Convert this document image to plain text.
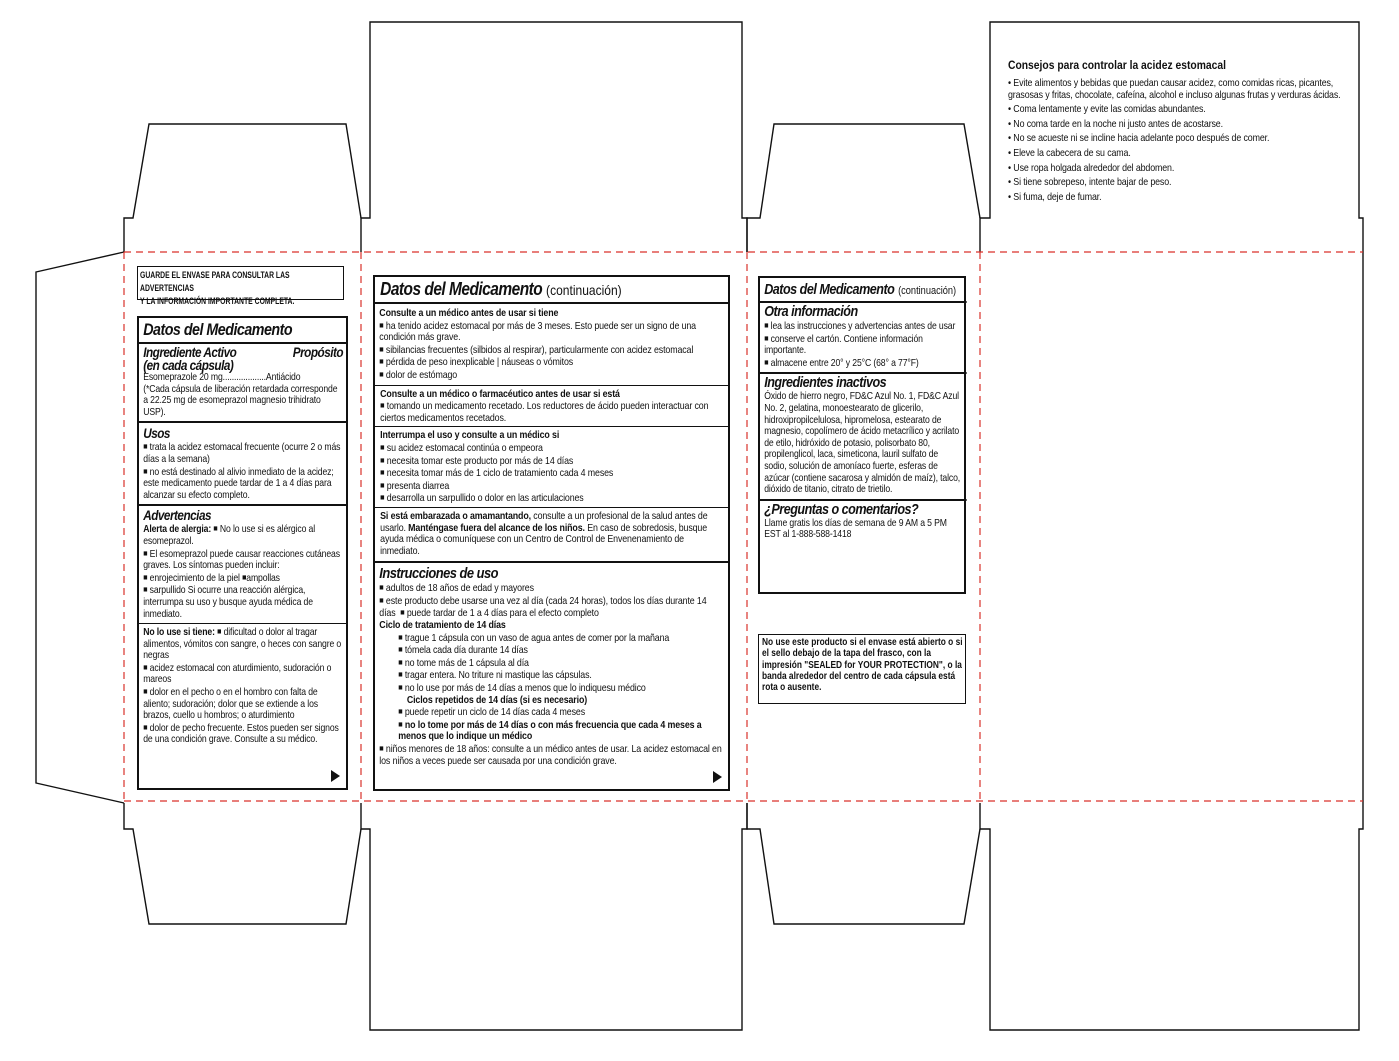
GUARDE EL ENVASE PARA CONSULTAR LAS ADVERTENCIAS

Y LA INFORMACIÓN IMPORTANTE COMPLETA.

Datos del Medicamento

Ingrediente Activo	Propósito

(en cada cápsula)

Esomeprazole 20 mg...................Antiácido

(*Cada cápsula de liberación retardada corresponde a 22.25 mg de esomeprazol magnesio trihidrato USP).

Usos

■ trata la acidez estomacal frecuente (ocurre 2 o más días a la semana)

■ no está destinado al alivio inmediato de la acidez; este medicamento puede tardar de 1 a 4 días para alcanzar su efecto completo.

Advertencias

Alerta de alergia: ■ No lo use si es alérgico al esomeprazol.

■ El esomeprazol puede causar reacciones cutáneas graves. Los síntomas pueden incluir:

■ enrojecimiento de la piel ■ampollas

■ sarpullido Si ocurre una reacción alérgica, interrumpa su uso y busque ayuda médica de inmediato.

No lo use si tiene: ■ dificultad o dolor al tragar alimentos, vómitos con sangre, o heces con sangre o negras

■ acidez estomacal con aturdimiento, sudoración o mareos

■ dolor en el pecho o en el hombro con falta de aliento; sudoración; dolor que se extiende a los brazos, cuello u hombros; o aturdimiento

■ dolor de pecho frecuente. Estos pueden ser signos de una condición grave. Consulte a su médico.

Datos del Medicamento (continuación)

Consulte a un médico antes de usar si tiene

■ ha tenido acidez estomacal por más de 3 meses. Esto puede ser un signo de una condición más grave.

■ sibilancias frecuentes (silbidos al respirar), particularmente con acidez estomacal

■ pérdida de peso inexplicable | náuseas o vómitos

■ dolor de estómago

Consulte a un médico o farmacéutico antes de usar si está

■ tomando un medicamento recetado. Los reductores de ácido pueden interactuar con ciertos medicamentos recetados.

Interrumpa el uso y consulte a un médico si

■ su acidez estomacal continúa o empeora

■ necesita tomar este producto por más de 14 días

■ necesita tomar más de 1 ciclo de tratamiento cada 4 meses

■ presenta diarrea

■ desarrolla un sarpullido o dolor en las articulaciones

Si está embarazada o amamantando, consulte a un profesional de la salud antes de usarlo. Manténgase fuera del alcance de los niños. En caso de sobredosis, busque ayuda médica o comuníquese con un Centro de Control de Envenenamiento de inmediato.

Instrucciones de uso

■ adultos de 18 años de edad y mayores

■ este producto debe usarse una vez al día (cada 24 horas), todos los días durante 14 días ■ puede tardar de 1 a 4 días para el efecto completo

Ciclo de tratamiento de 14 días

■ trague 1 cápsula con un vaso de agua antes de comer por la mañana

■ tómela cada día durante 14 días

■ no tome más de 1 cápsula al día

■ tragar entera. No triture ni mastique las cápsulas.

■ no lo use por más de 14 días a menos que lo indiquesu médico

Ciclos repetidos de 14 días (si es necesario)

■ puede repetir un ciclo de 14 días cada 4 meses

■ no lo tome por más de 14 días o con más frecuencia que cada 4 meses a menos que lo indique un médico

■ niños menores de 18 años: consulte a un médico antes de usar. La acidez estomacal en los niños a veces puede ser causada por una condición grave.

Datos del Medicamento (continuación)

Otra información

■ lea las instrucciones y advertencias antes de usar

■ conserve el cartón. Contiene información importante.

■ almacene entre 20° y 25°C (68° a 77°F)

Ingredientes inactivos

Óxido de hierro negro, FD&C Azul No. 1, FD&C Azul No. 2, gelatina, monoestearato de glicerilo, hidroxipropilcelulosa, hipromelosa, estearato de magnesio, copolímero de ácido metacrílico y acrilato de etilo, hidróxido de potasio, polisorbato 80, propilenglicol, laca, simeticona, lauril sulfato de sodio, solución de amoníaco fuerte, esferas de azúcar (contiene sacarosa y almidón de maíz), talco, dióxido de titanio, citrato de trietilo.

¿Preguntas o comentarios?

Llame gratis los días de semana de 9 AM a 5 PM EST al 1-888-588-1418

No use este producto si el envase está abierto o si el sello debajo de la tapa del frasco, con la impresión "SEALED for YOUR PROTECTION", o la banda alrededor del centro de cada cápsula está rota o ausente.

Consejos para controlar la acidez estomacal

• Evite alimentos y bebidas que puedan causar acidez, como comidas ricas, picantes, grasosas y fritas, chocolate, cafeína, alcohol e incluso algunas frutas y verduras ácidas.

• Coma lentamente y evite las comidas abundantes.

• No coma tarde en la noche ni justo antes de acostarse.

• No se acueste ni se incline hacia adelante poco después de comer.

• Eleve la cabecera de su cama.

• Use ropa holgada alrededor del abdomen.

• Si tiene sobrepeso, intente bajar de peso.

• Si fuma, deje de fumar.
